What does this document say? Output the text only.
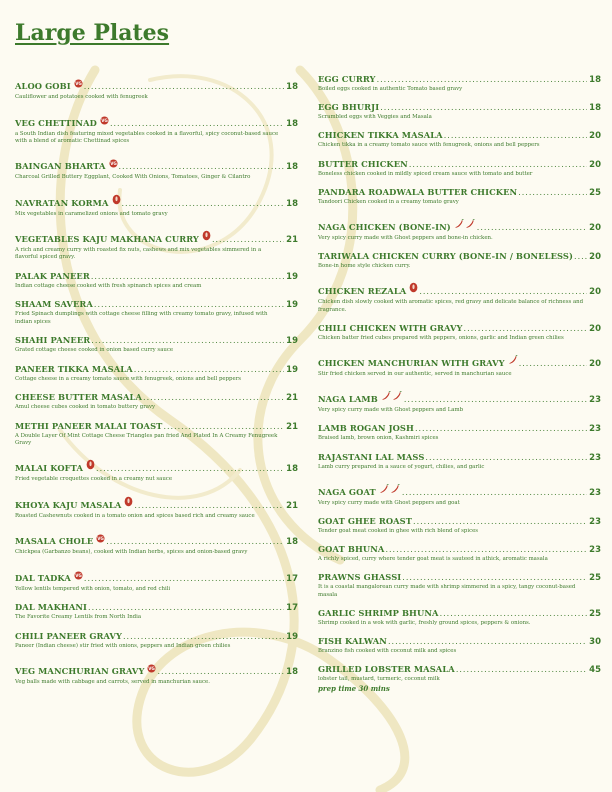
Large Plates
ALOO GOBI VG .....	18
Cauliflower and potatoes cooked with fenugreek
VEG CHETTINAD VG .....	18
a South Indian dish featuring mixed vegetables cooked in a flavorful, spicy coconut-based sauce with a blend of aromatic Chettinad spices
BAINGAN BHARTA VG .....	18
Charcoal Grilled Buttery Eggplant, Cooked With Onions, Tomatoes, Ginger & Cilantro
NAVRATAN KORMA .....	18
Mix vegetables in caramelized onions and tomato gravy
VEGETABLES KAJU MAKHANA CURRY .....	21
A rich and creamy curry with roasted fix nuts, cashews and mix vegetables simmered in a flavorful spiced gravy.
PALAK PANEER .....	19
Indian cottage cheese cooked with fresh spinanch spices and cream
SHAAM SAVERA .....	19
Fried Spinach dumplings with cottage cheese filling with creamy tomato gravy, infused with indian spices
SHAHI PANEER .....	19
Grated cottage cheese cooked in onion based curry sauce
PANEER TIKKA MASALA .....	19
Cottage cheese in a creamy tomato sauce with fenugreek, onions and bell peppers
CHEESE BUTTER MASALA .....	21
Amul cheese cubes cooked in tomato buttery gravy
METHI PANEER MALAI TOAST .....	21
A Double Layer Of Mint Cottage Cheese Triangles pan fried And Plated In A Creamy Fenugreek Gravy
MALAI KOFTA .....	18
Fried vegetable croquettes cooked in a creamy nut sauce
KHOYA KAJU MASALA .....	21
Roasted Cashewnuts cooked in a tomato onion and spices based rich and creamy sauce
MASALA CHOLE VG .....	18
Chickpea (Garbanzo beans), cooked with Indian herbs, spices and onion-based gravy
DAL TADKA VG .....	17
Yellow lentils tempered with onion, tomato, and red chili
DAL MAKHANI .....	17
The Favorite Creamy Lentils from North India
CHILI PANEER GRAVY .....	19
Paneer (Indian cheese) stir fried with onions, peppers and Indian green chilies
VEG MANCHURIAN GRAVY VG .....	18
Veg balls made with cabbage and carrots, served in manchurian sauce.
EGG CURRY .....	18
Boiled eggs cooked in authentic Tomato based gravy
EGG BHURJI .....	18
Scrambled eggs with Veggies and Masala
CHICKEN TIKKA MASALA .....	20
Chicken tikka in a creamy tomato sauce with fenugreek, onions and bell peppers
BUTTER CHICKEN .....	20
Boneless chicken cooked in mildly spiced cream sauce with tomato and butter
PANDARA ROADWALA BUTTER CHICKEN .....	25
Tandoori Chicken cooked in a creamy tomato gravy
NAGA CHICKEN (BONE-IN) .....	20
Very spicy curry made with Ghost peppers and bone-in chicken.
TARIWALA CHICKEN CURRY (BONE-IN / BONELESS) ..... 20
Bone-in home style chicken curry.
CHICKEN REZALA .....	20
Chicken dish slowly cooked with aromatic spices, red gravy and delicate balance of richness and fragrance.
CHILI CHICKEN WITH GRAVY .....	20
Chicken batter fried cubes prepared with peppers, onions, garlic and Indian green chilies
CHICKEN MANCHURIAN WITH GRAVY .....	20
Stir fried chicken served in our authentic, served in manchurian sauce
NAGA LAMB .....	23
Very spicy curry made with Ghost peppers and Lamb
LAMB ROGAN JOSH .....	23
Braised lamb, brown onion, Kashmiri spices
RAJASTANI LAL MASS .....	23
Lamb curry prepared in a sauce of yogurt, chilies, and garlic
NAGA GOAT .....	23
Very spicy curry made with Ghost peppers and goat
GOAT GHEE ROAST .....	23
Tender goat meat cooked in ghee with rich blend of spices
GOAT BHUNA .....	23
A richly spiced, curry where tender goat meat is sauteed in athick, aromatic masala
PRAWNS GHASSI .....	25
It is a coastal mangalorean curry made with shrimp simmered in a spicy, tangy coconut-based masala
GARLIC SHRIMP BHUNA .....	25
Shrimp cooked in a wok with garlic, freshly ground spices, peppers & onions.
FISH KALWAN .....	30
Branzino fish cooked with coconut milk and spices
GRILLED LOBSTER MASALA .....	45
lobster tail, mustard, turmeric, coconut milk
prep time 30 mins
